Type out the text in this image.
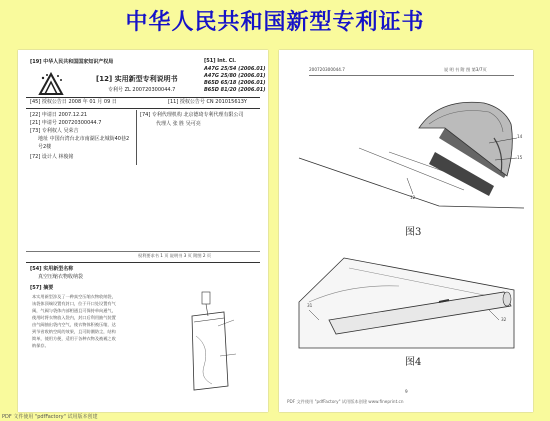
中华人民共和国新型专利证书
[19] 中华人民共和国国家知识产权局
[12] 实用新型专利说明书
专利号 ZL 200720300044.7
[51] Int. Cl.
A47G 25/54 (2006.01)
A47G 25/80 (2006.01)
B65D 65/18 (2006.01)
B65D 81/20 (2006.01)
[45] 授权公告日 2008 年 01 月 09 日	[11] 授权公告号 CN 201015613Y
[22] 申请日 2007.12.21
[21] 申请号 200720300044.7
[73] 专利权人 吴荣吉
地址 中国台湾台北市南湖区北城街40巷2
号2楼
[72] 设计人 林俊铭
[74] 专利代理机构 北京德琦专利代理有限公司
代理人 张 胜 吴可亮
权利要求书 1 页 说明书 3 页 附图 2 页
[54] 实用新型名称
真空压缩衣物收纳袋
[57] 摘要
本实用新型涉及了一种真空压缩衣物收纳袋，
该袋体顶端设置有封口，位于开口处设置有气
阀，气阀与袋体内部相通且可保持单向通气，
使用时将衣物放入袋内，封口后利用抽气装置
由气阀抽出袋内空气，使衣物体积被压缩，达
到节省收纳空间的效果，且可防潮防尘，结构
简单，使用方便，适用于各种衣物及被褥之收
纳保存。
200720300044.7	说 明 书 附 图 第3/7页
14
15
12
图3
31
32
图4
9
PDF 文件使用 "pdfFactory" 试用版本创建 www.fineprint.cn
PDF 文件使用 "pdfFactory" 试用版本创建
